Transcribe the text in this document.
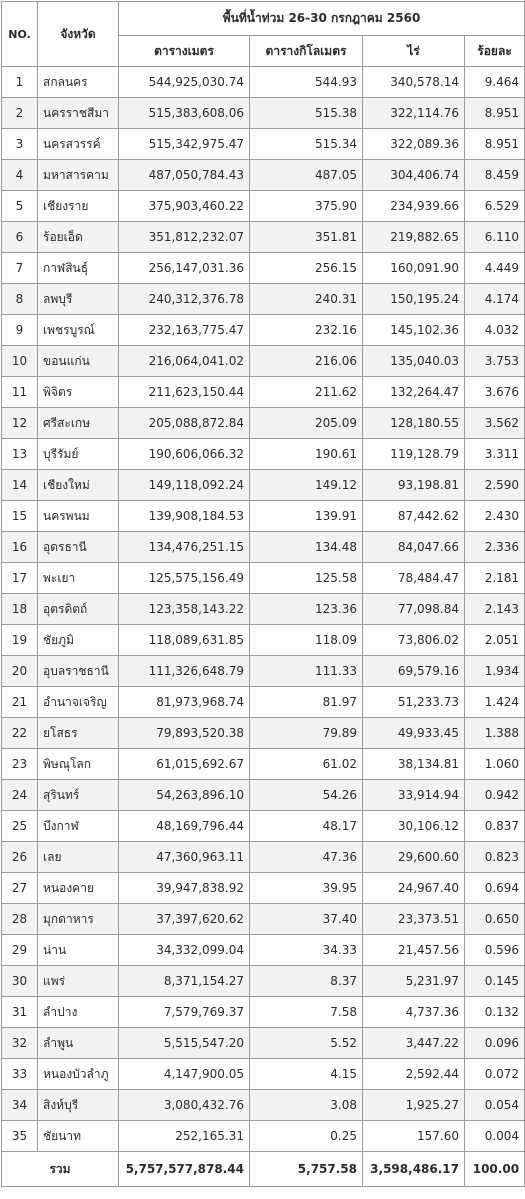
NO.	จังหวัด	พื้นที่น้ำท่วม 26-30 กรกฎาคม 2560			
		ตารางเมตร	ตารางกิโลเมตร	ไร่	ร้อยละ
1	สกลนคร	544,925,030.74	544.93	340,578.14	9.464
2	นครราชสีมา	515,383,608.06	515.38	322,114.76	8.951
3	นครสวรรค์	515,342,975.47	515.34	322,089.36	8.951
4	มหาสารคาม	487,050,784.43	487.05	304,406.74	8.459
5	เชียงราย	375,903,460.22	375.90	234,939.66	6.529
6	ร้อยเอ็ด	351,812,232.07	351.81	219,882.65	6.110
7	กาฬสินธุ์	256,147,031.36	256.15	160,091.90	4.449
8	ลพบุรี	240,312,376.78	240.31	150,195.24	4.174
9	เพชรบูรณ์	232,163,775.47	232.16	145,102.36	4.032
10	ขอนแก่น	216,064,041.02	216.06	135,040.03	3.753
11	พิจิตร	211,623,150.44	211.62	132,264.47	3.676
12	ศรีสะเกษ	205,088,872.84	205.09	128,180.55	3.562
13	บุรีรัมย์	190,606,066.32	190.61	119,128.79	3.311
14	เชียงใหม่	149,118,092.24	149.12	93,198.81	2.590
15	นครพนม	139,908,184.53	139.91	87,442.62	2.430
16	อุดรธานี	134,476,251.15	134.48	84,047.66	2.336
17	พะเยา	125,575,156.49	125.58	78,484.47	2.181
18	อุตรดิตถ์	123,358,143.22	123.36	77,098.84	2.143
19	ชัยภูมิ	118,089,631.85	118.09	73,806.02	2.051
20	อุบลราชธานี	111,326,648.79	111.33	69,579.16	1.934
21	อำนาจเจริญ	81,973,968.74	81.97	51,233.73	1.424
22	ยโสธร	79,893,520.38	79.89	49,933.45	1.388
23	พิษณุโลก	61,015,692.67	61.02	38,134.81	1.060
24	สุรินทร์	54,263,896.10	54.26	33,914.94	0.942
25	บึงกาฬ	48,169,796.44	48.17	30,106.12	0.837
26	เลย	47,360,963.11	47.36	29,600.60	0.823
27	หนองคาย	39,947,838.92	39.95	24,967.40	0.694
28	มุกดาหาร	37,397,620.62	37.40	23,373.51	0.650
29	น่าน	34,332,099.04	34.33	21,457.56	0.596
30	แพร่	8,371,154.27	8.37	5,231.97	0.145
31	ลำปาง	7,579,769.37	7.58	4,737.36	0.132
32	ลำพูน	5,515,547.20	5.52	3,447.22	0.096
33	หนองบัวลำภู	4,147,900.05	4.15	2,592.44	0.072
34	สิงห์บุรี	3,080,432.76	3.08	1,925.27	0.054
35	ชัยนาท	252,165.31	0.25	157.60	0.004
รวม		5,757,577,878.44	5,757.58	3,598,486.17	100.00
